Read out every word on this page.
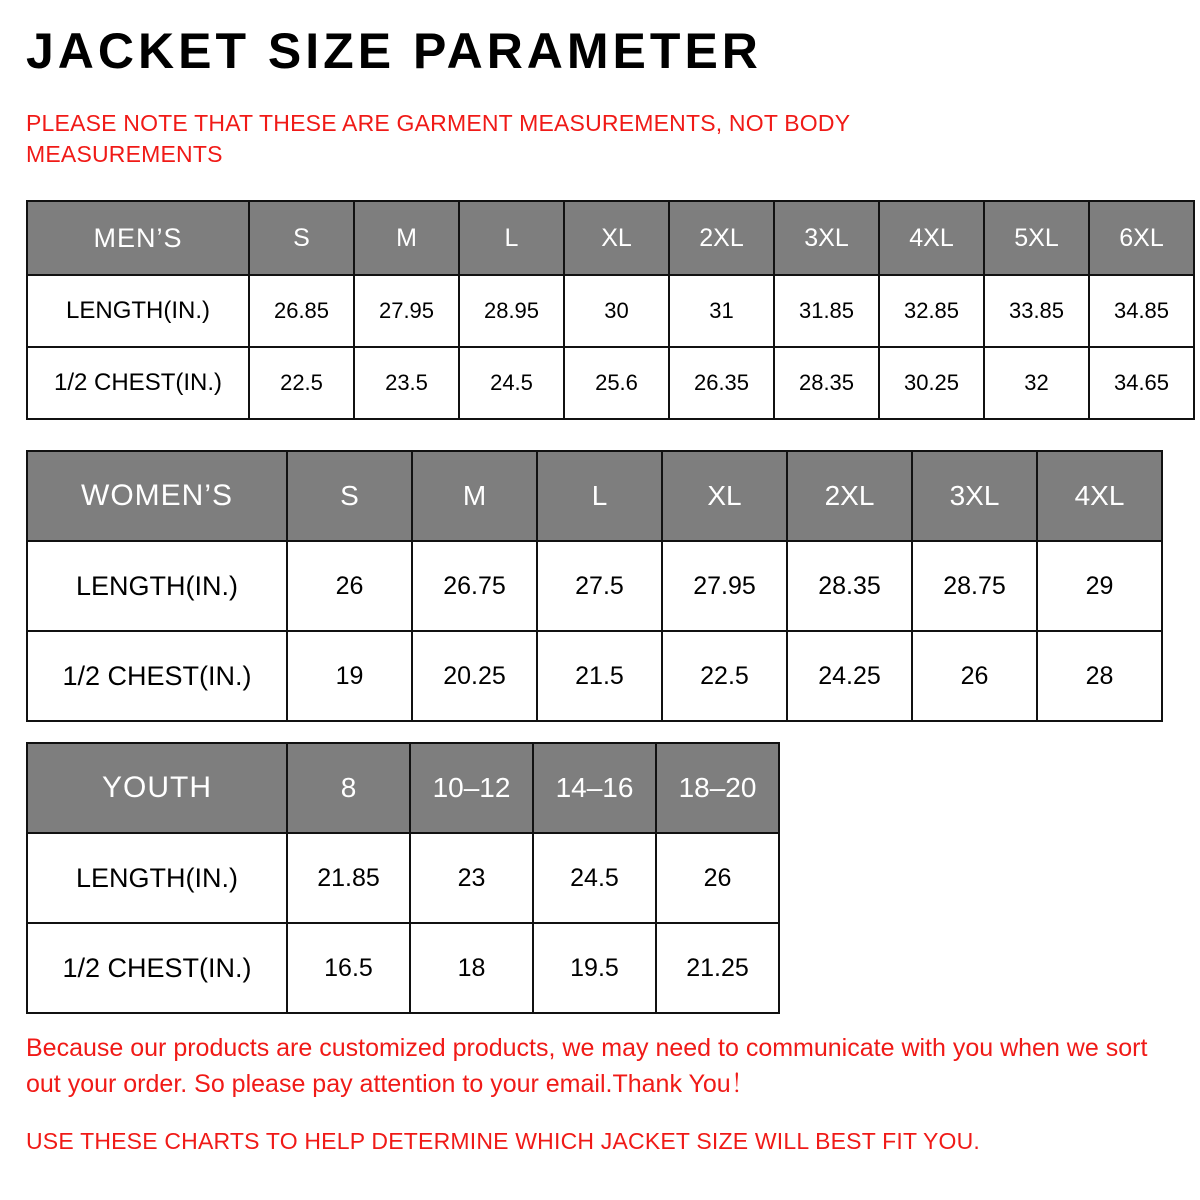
JACKET SIZE PARAMETER
PLEASE NOTE THAT THESE ARE GARMENT MEASUREMENTS, NOT BODY MEASUREMENTS
MEN’S	S	M	L	XL	2XL	3XL	4XL	5XL	6XL
LENGTH(IN.)	26.85	27.95	28.95	30	31	31.85	32.85	33.85	34.85
1/2 CHEST(IN.)	22.5	23.5	24.5	25.6	26.35	28.35	30.25	32	34.65
WOMEN’S	S	M	L	XL	2XL	3XL	4XL
LENGTH(IN.)	26	26.75	27.5	27.95	28.35	28.75	29
1/2 CHEST(IN.)	19	20.25	21.5	22.5	24.25	26	28
YOUTH	8	10–12	14–16	18–20
LENGTH(IN.)	21.85	23	24.5	26
1/2 CHEST(IN.)	16.5	18	19.5	21.25
Because our products are customized products, we may need to communicate with you when we sort out your order. So please pay attention to your email.Thank You！
USE THESE CHARTS TO HELP DETERMINE WHICH JACKET SIZE WILL BEST FIT YOU.
